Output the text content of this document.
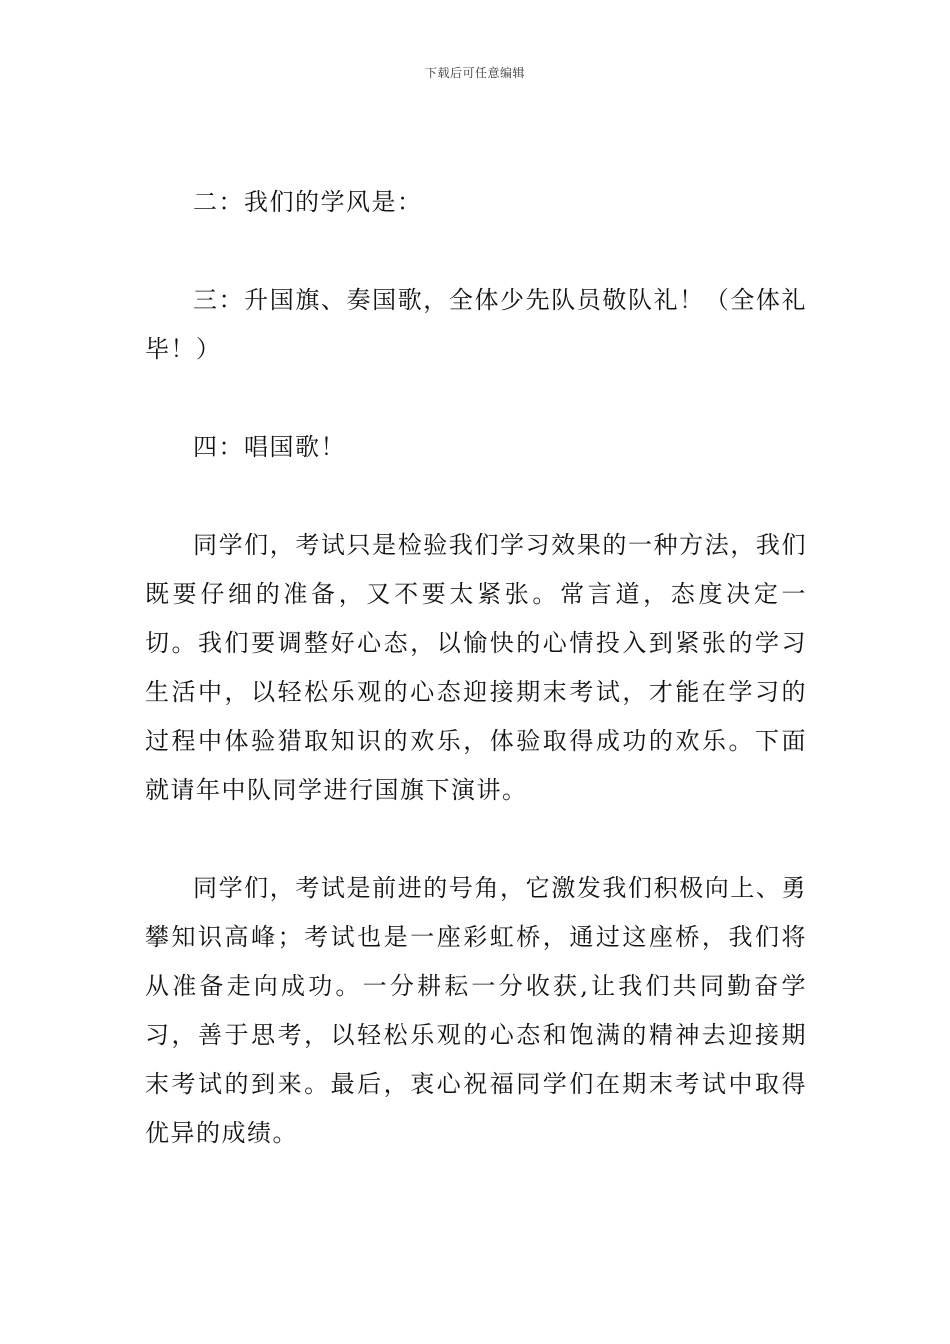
下载后可任意编辑

二：我们的学风是：

三：升国旗、奏国歌，全体少先队员敬队礼！（全体礼毕！）

四：唱国歌！

同学们，考试只是检验我们学习效果的一种方法，我们既要仔细的准备，又不要太紧张。常言道，态度决定一切。我们要调整好心态，以愉快的心情投入到紧张的学习生活中，以轻松乐观的心态迎接期末考试，才能在学习的过程中体验猎取知识的欢乐，体验取得成功的欢乐。下面就请年中队同学进行国旗下演讲。

同学们，考试是前进的号角，它激发我们积极向上、勇攀知识高峰；考试也是一座彩虹桥，通过这座桥，我们将从准备走向成功。一分耕耘一分收获,让我们共同勤奋学习，善于思考，以轻松乐观的心态和饱满的精神去迎接期末考试的到来。最后，衷心祝福同学们在期末考试中取得优异的成绩。
